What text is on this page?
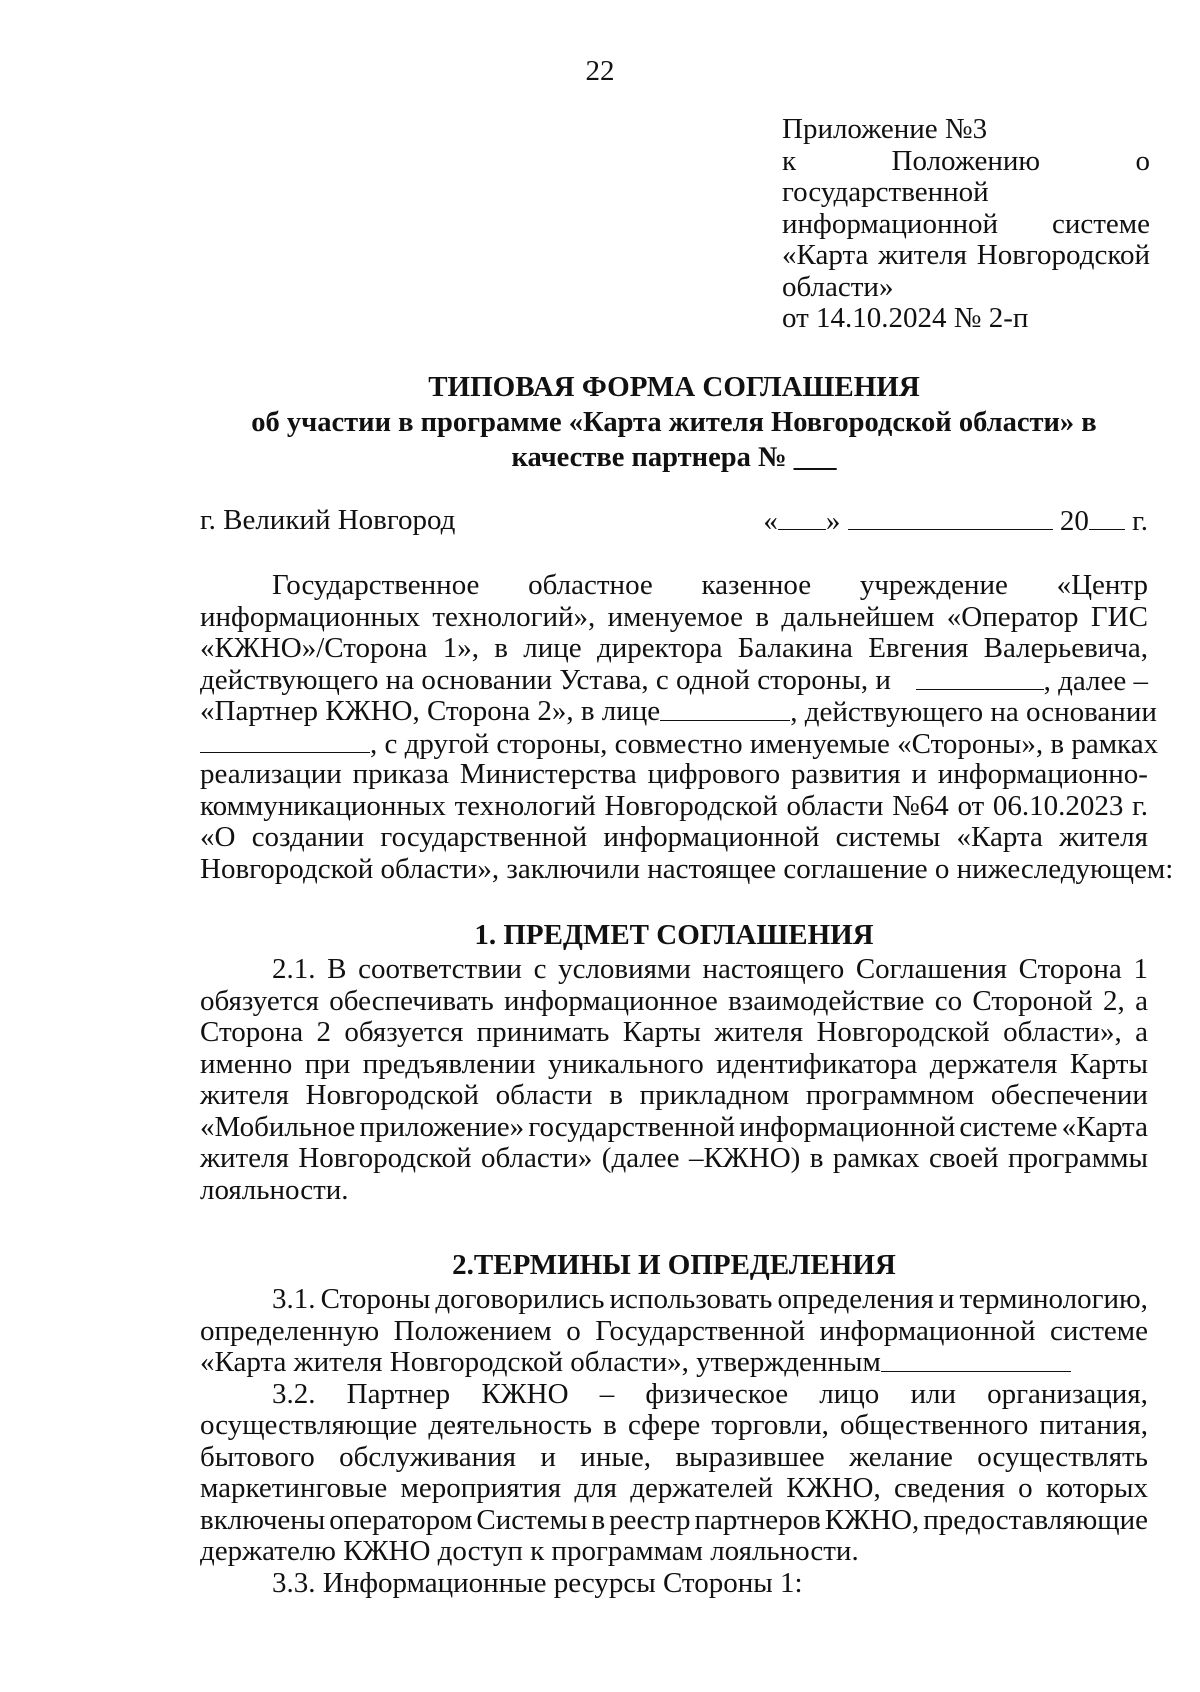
22
Приложение №3
к	Положению	о
государственной
информационной системе
«Карта жителя Новгородской
области»
от 14.10.2024 № 2-п
ТИПОВАЯ ФОРМА СОГЛАШЕНИЯ
об участии в программе «Карта жителя Новгородской области» в
качестве партнера № ___
г. Великий Новгород	« »	20 г.
Государственное областное казенное учреждение «Центр
информационных технологий», именуемое в дальнейшем «Оператор ГИС
«КЖНО»/Сторона 1», в лице директора Балакина Евгения Валерьевича,
действующего на основании Устава, с одной стороны, и	, далее –
«Партнер КЖНО, Сторона 2», в лице	, действующего на основании
, с другой стороны, совместно именуемые «Стороны», в рамках
реализации приказа Министерства цифрового развития и информационно-
коммуникационных технологий Новгородской области №64 от 06.10.2023 г.
«О создании государственной информационной системы «Карта жителя
Новгородской области», заключили настоящее соглашение о нижеследующем:
1. ПРЕДМЕТ СОГЛАШЕНИЯ
2.1. В соответствии с условиями настоящего Соглашения Сторона 1
обязуется обеспечивать информационное взаимодействие со Стороной 2, а
Сторона 2 обязуется принимать Карты жителя Новгородской области», а
именно при предъявлении уникального идентификатора держателя Карты
жителя Новгородской области в прикладном программном обеспечении
«Мобильное приложение» государственной информационной системе «Карта
жителя Новгородской области» (далее –КЖНО) в рамках своей программы
лояльности.
2.ТЕРМИНЫ И ОПРЕДЕЛЕНИЯ
3.1. Стороны договорились использовать определения и терминологию,
определенную Положением о Государственной информационной системе
«Карта жителя Новгородской области», утвержденным
3.2. Партнер КЖНО – физическое лицо или организация,
осуществляющие деятельность в сфере торговли, общественного питания,
бытового обслуживания и иные, выразившее желание осуществлять
маркетинговые мероприятия для держателей КЖНО, сведения о которых
включены оператором Системы в реестр партнеров КЖНО, предоставляющие
держателю КЖНО доступ к программам лояльности.
3.3. Информационные ресурсы Стороны 1:
